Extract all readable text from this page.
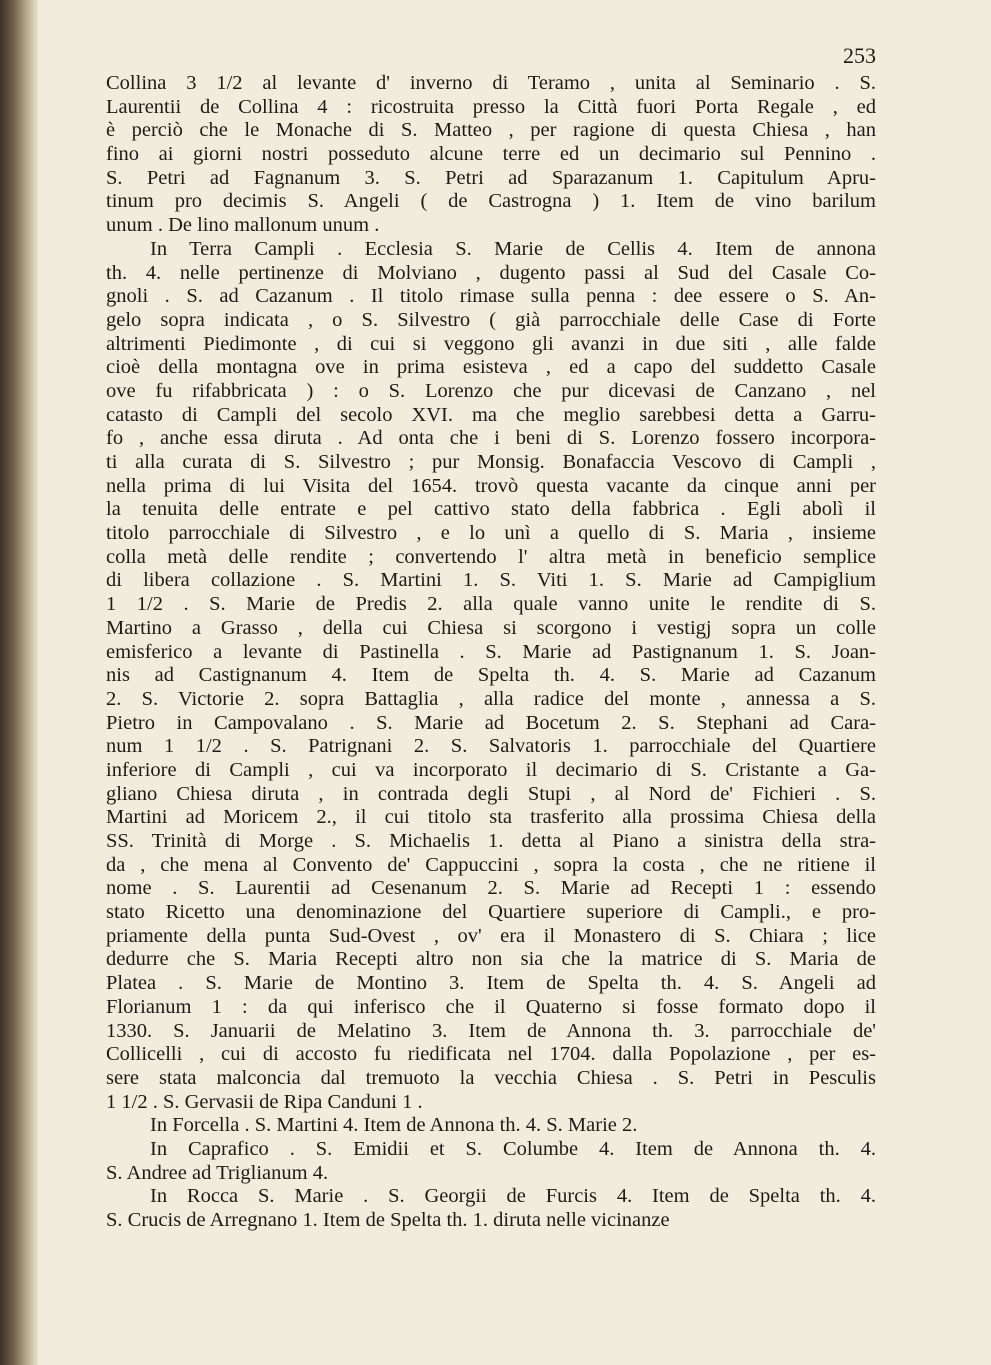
253
Collina 3 1/2 al levante d' inverno di Teramo , unita al Seminario . S.
Laurentii de Collina 4 : ricostruita presso la Città fuori Porta Regale , ed
è perciò che le Monache di S. Matteo , per ragione di questa Chiesa , han
fino ai giorni nostri posseduto alcune terre ed un decimario sul Pennino .
S. Petri ad Fagnanum 3. S. Petri ad Sparazanum 1. Capitulum Apru-
tinum pro decimis S. Angeli ( de Castrogna ) 1. Item de vino barilum
unum . De lino mallonum unum .
In Terra Campli . Ecclesia S. Marie de Cellis 4. Item de annona
th. 4. nelle pertinenze di Molviano , dugento passi al Sud del Casale Co-
gnoli . S. ad Cazanum . Il titolo rimase sulla penna : dee essere o S. An-
gelo sopra indicata , o S. Silvestro ( già parrocchiale delle Case di Forte
altrimenti Piedimonte , di cui si veggono gli avanzi in due siti , alle falde
cioè della montagna ove in prima esisteva , ed a capo del suddetto Casale
ove fu rifabbricata ) : o S. Lorenzo che pur dicevasi de Canzano , nel
catasto di Campli del secolo XVI. ma che meglio sarebbesi detta a Garru-
fo , anche essa diruta . Ad onta che i beni di S. Lorenzo fossero incorpora-
ti alla curata di S. Silvestro ; pur Monsig. Bonafaccia Vescovo di Campli ,
nella prima di lui Visita del 1654. trovò questa vacante da cinque anni per
la tenuita delle entrate e pel cattivo stato della fabbrica . Egli abolì il
titolo parrocchiale di Silvestro , e lo unì a quello di S. Maria , insieme
colla metà delle rendite ; convertendo l' altra metà in beneficio semplice
di libera collazione . S. Martini 1. S. Viti 1. S. Marie ad Campiglium
1 1/2 . S. Marie de Predis 2. alla quale vanno unite le rendite di S.
Martino a Grasso , della cui Chiesa si scorgono i vestigj sopra un colle
emisferico a levante di Pastinella . S. Marie ad Pastignanum 1. S. Joan-
nis ad Castignanum 4. Item de Spelta th. 4. S. Marie ad Cazanum
2. S. Victorie 2. sopra Battaglia , alla radice del monte , annessa a S.
Pietro in Campovalano . S. Marie ad Bocetum 2. S. Stephani ad Cara-
num 1 1/2 . S. Patrignani 2. S. Salvatoris 1. parrocchiale del Quartiere
inferiore di Campli , cui va incorporato il decimario di S. Cristante a Ga-
gliano Chiesa diruta , in contrada degli Stupi , al Nord de' Fichieri . S.
Martini ad Moricem 2., il cui titolo sta trasferito alla prossima Chiesa della
SS. Trinità di Morge . S. Michaelis 1. detta al Piano a sinistra della stra-
da , che mena al Convento de' Cappuccini , sopra la costa , che ne ritiene il
nome . S. Laurentii ad Cesenanum 2. S. Marie ad Recepti 1 : essendo
stato Ricetto una denominazione del Quartiere superiore di Campli., e pro-
priamente della punta Sud-Ovest , ov' era il Monastero di S. Chiara ; lice
dedurre che S. Maria Recepti altro non sia che la matrice di S. Maria de
Platea . S. Marie de Montino 3. Item de Spelta th. 4. S. Angeli ad
Florianum 1 : da qui inferisco che il Quaterno si fosse formato dopo il
1330. S. Januarii de Melatino 3. Item de Annona th. 3. parrocchiale de'
Collicelli , cui di accosto fu riedificata nel 1704. dalla Popolazione , per es-
sere stata malconcia dal tremuoto la vecchia Chiesa . S. Petri in Pesculis
1 1/2 . S. Gervasii de Ripa Canduni 1 .
In Forcella . S. Martini 4. Item de Annona th. 4. S. Marie 2.
In Caprafico . S. Emidii et S. Columbe 4. Item de Annona th. 4.
S. Andree ad Triglianum 4.
In Rocca S. Marie . S. Georgii de Furcis 4. Item de Spelta th. 4.
S. Crucis de Arregnano 1. Item de Spelta th. 1. diruta nelle vicinanze
